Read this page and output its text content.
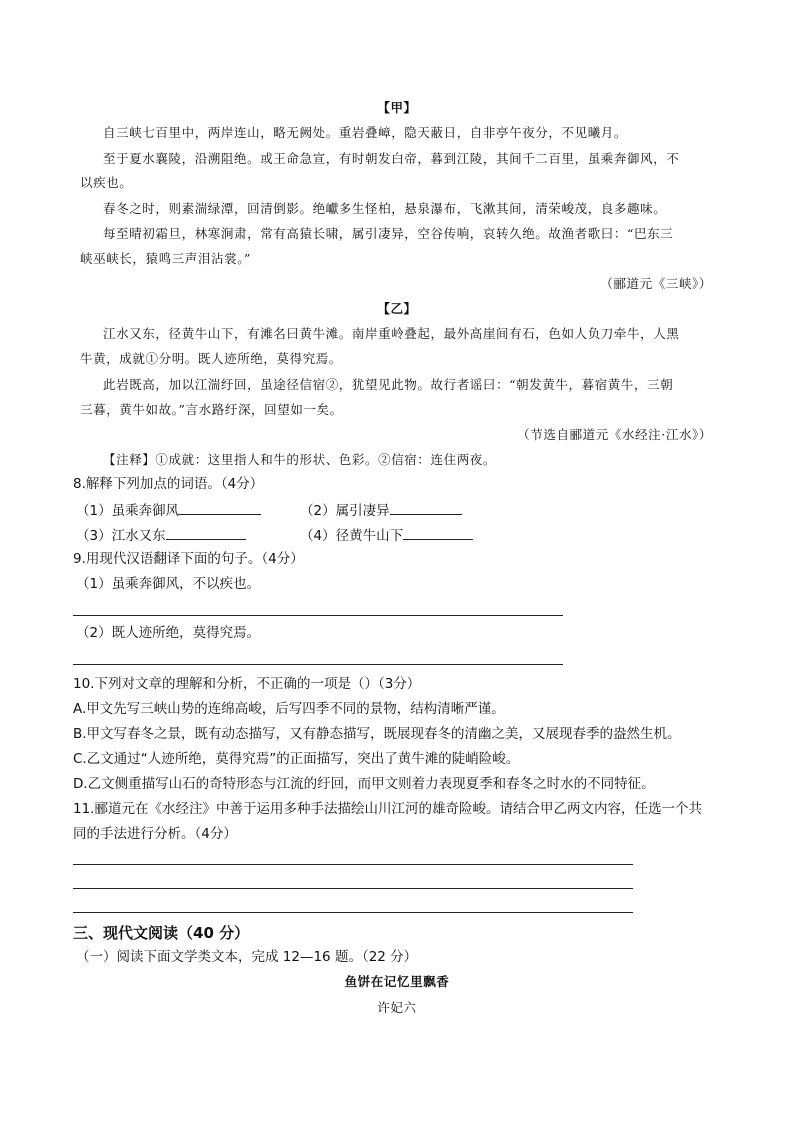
【甲】
自三峡七百里中，两岸连山，略无阙处。重岩叠嶂，隐天蔽日，自非亭午夜分，不见曦月。
至于夏水襄陵，沿溯阻绝。或王命急宣，有时朝发白帝，暮到江陵，其间千二百里，虽乘奔御风，不
以疾也。
春冬之时，则素湍绿潭，回清倒影。绝巘多生怪柏，悬泉瀑布，飞漱其间，清荣峻茂，良多趣味。
每至晴初霜旦，林寒涧肃，常有高猿长啸，属引凄异，空谷传响，哀转久绝。故渔者歌曰：“巴东三
峡巫峡长，猿鸣三声泪沾裳。”
（郦道元《三峡》）
【乙】
江水又东，径黄牛山下，有滩名曰黄牛滩。南岸重岭叠起，最外高崖间有石，色如人负刀牵牛，人黑
牛黄，成就①分明。既人迹所绝，莫得究焉。
此岩既高，加以江湍纡回，虽途径信宿②，犹望见此物。故行者谣曰：“朝发黄牛，暮宿黄牛，三朝
三暮，黄牛如故。”言水路纡深，回望如一矣。
（节选自郦道元《水经注·江水》）
【注释】①成就：这里指人和牛的形状、色彩。②信宿：连住两夜。
8.解释下列加点的词语。（4分）
（1）虽乘奔御风	（2）属引凄异
（3）江水又东	（4）径黄牛山下
9.用现代汉语翻译下面的句子。（4分）
（1）虽乘奔御风，不以疾也。
（2）既人迹所绝，莫得究焉。
10.下列对文章的理解和分析，不正确的一项是（）（3分）
A.甲文先写三峡山势的连绵高峻，后写四季不同的景物，结构清晰严谨。
B.甲文写春冬之景，既有动态描写，又有静态描写，既展现春冬的清幽之美，又展现春季的盎然生机。
C.乙文通过“人迹所绝，莫得究焉”的正面描写，突出了黄牛滩的陡峭险峻。
D.乙文侧重描写山石的奇特形态与江流的纡回，而甲文则着力表现夏季和春冬之时水的不同特征。
11.郦道元在《水经注》中善于运用多种手法描绘山川江河的雄奇险峻。请结合甲乙两文内容，任选一个共
同的手法进行分析。（4分）
三、现代文阅读（40 分）
（一）阅读下面文学类文本，完成 12—16 题。（22 分）
鱼饼在记忆里飘香
许妃六
